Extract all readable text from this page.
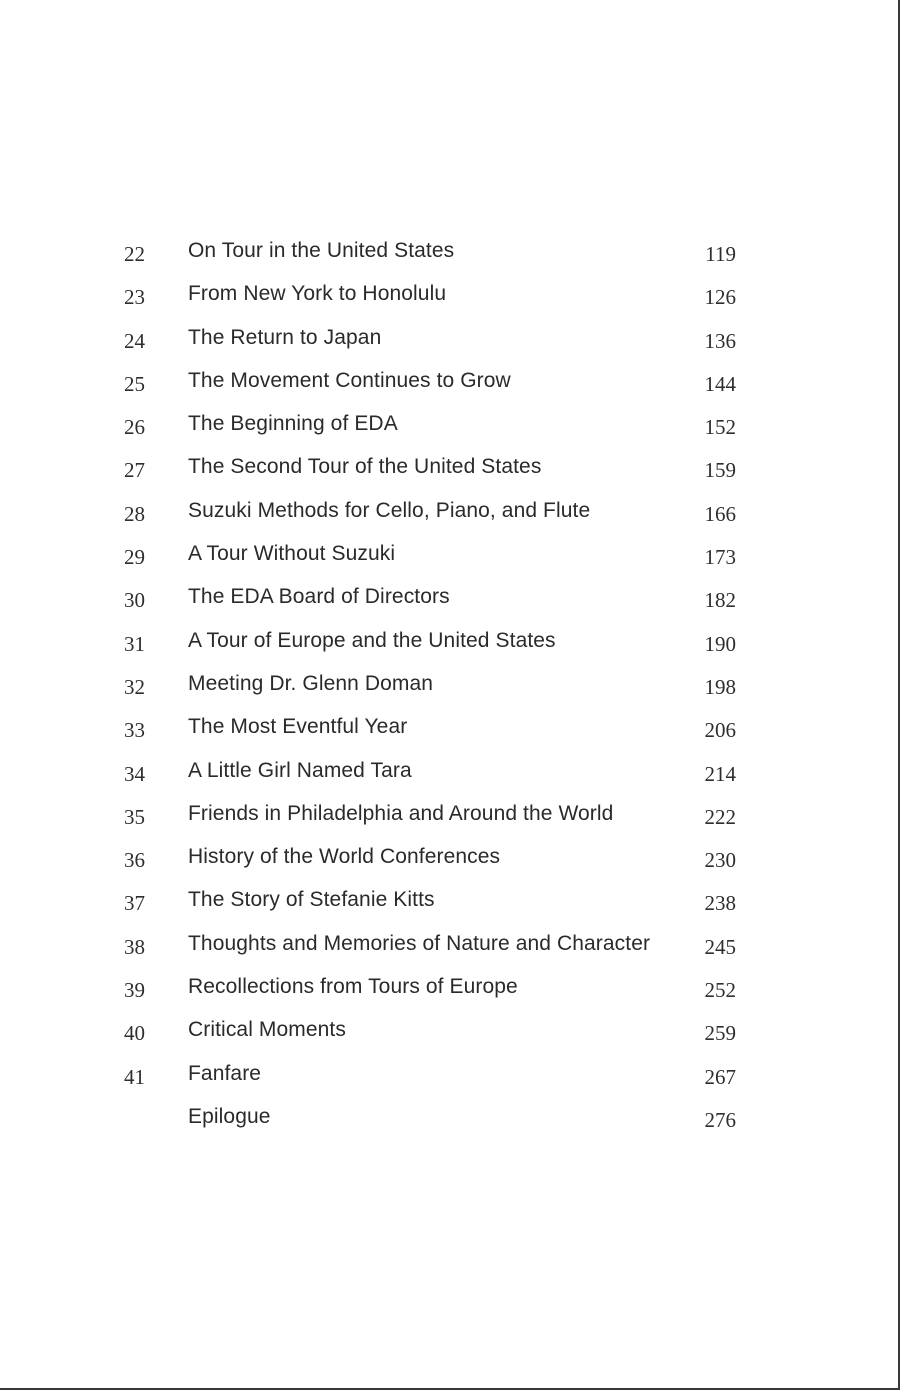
22 On Tour in the United States	119
23 From New York to Honolulu	126
24 The Return to Japan	136
25 The Movement Continues to Grow	144
26 The Beginning of EDA	152
27 The Second Tour of the United States	159
28 Suzuki Methods for Cello, Piano, and Flute	166
29 A Tour Without Suzuki	173
30 The EDA Board of Directors	182
31 A Tour of Europe and the United States	190
32 Meeting Dr. Glenn Doman	198
33 The Most Eventful Year	206
34 A Little Girl Named Tara	214
35 Friends in Philadelphia and Around the World	222
36 History of the World Conferences	230
37 The Story of Stefanie Kitts	238
38 Thoughts and Memories of Nature and Character	245
39 Recollections from Tours of Europe	252
40 Critical Moments	259
41 Fanfare	267
Epilogue	276
